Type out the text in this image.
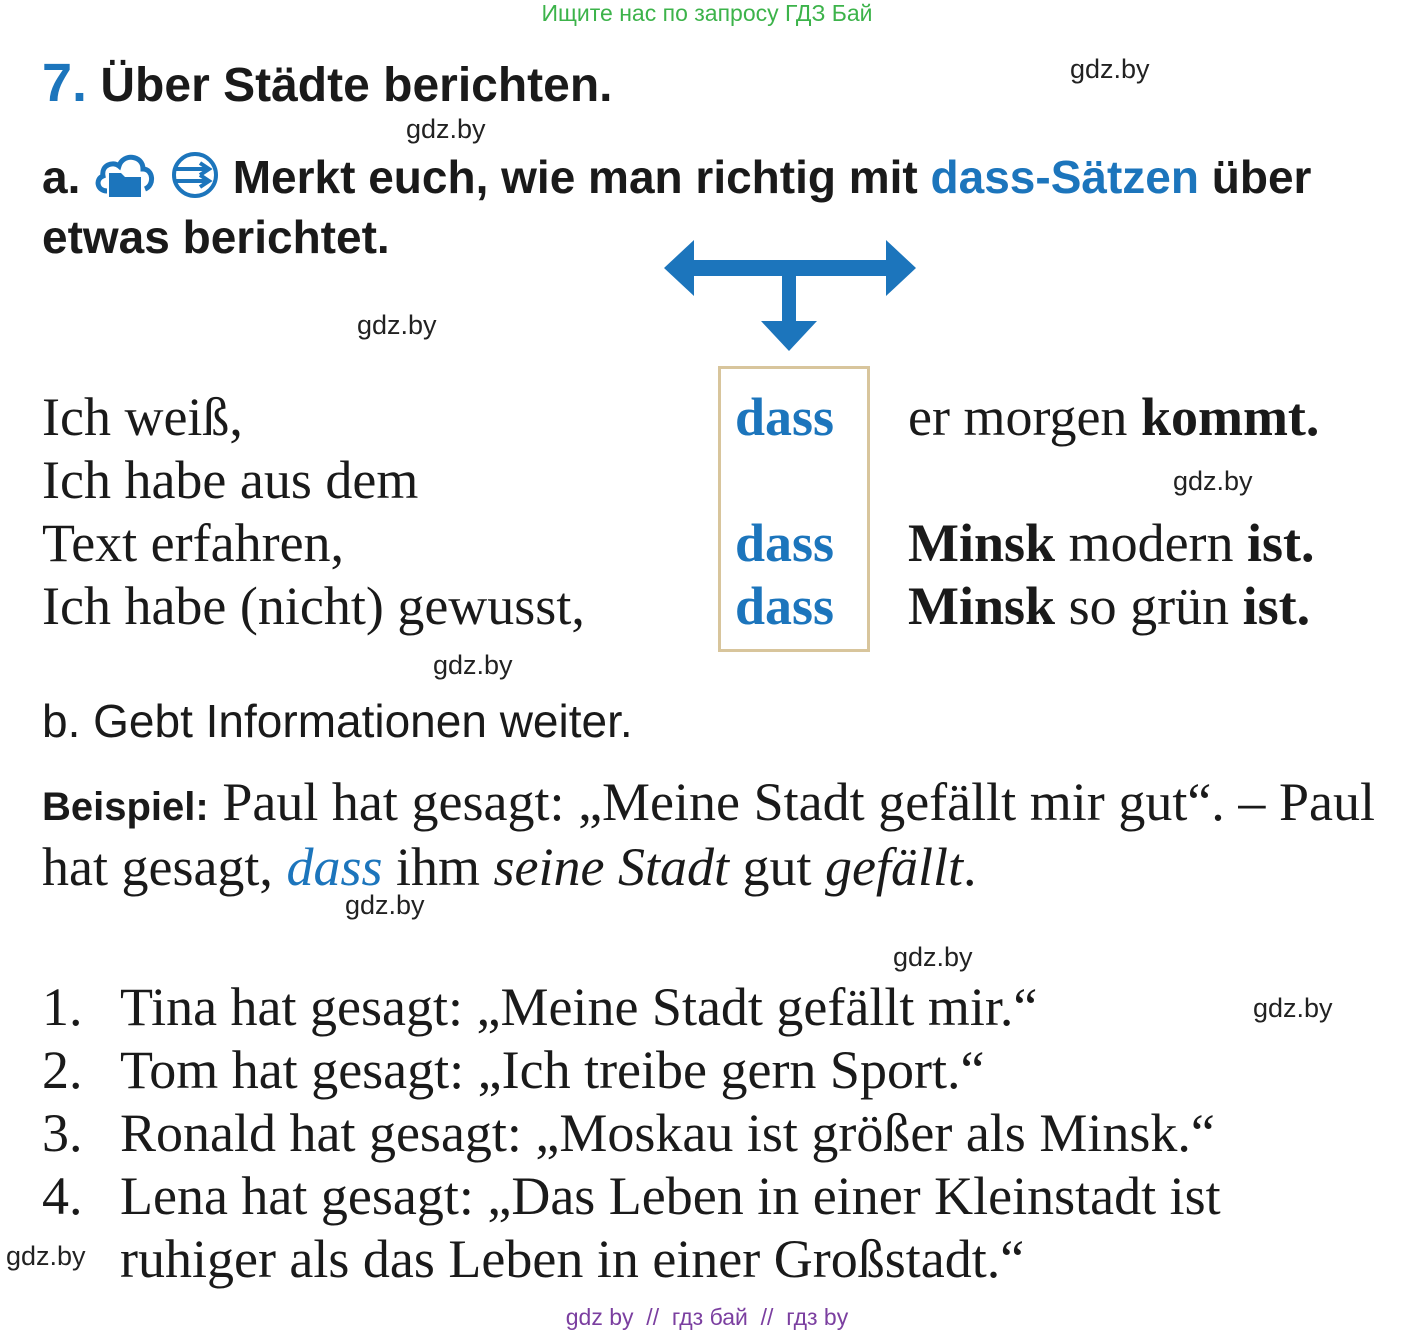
Ищите нас по запросу ГДЗ Бай
7. Über Städte berichten.	gdz.by
gdz.by
a.	Merkt euch, wie man richtig mit dass-Sätzen über
etwas berichtet.
gdz.by
Ich weiß,	dass er morgen kommt.
Ich habe aus dem	gdz.by
Text erfahren,	dass Minsk modern ist.
Ich habe (nicht) gewusst,	dass Minsk so grün ist.
gdz.by
b. Gebt Informationen weiter.
Beispiel: Paul hat gesagt: „Meine Stadt gefällt mir gut“. – Paul hat gesagt, dass ihm seine Stadt gut gefällt.
gdz.by
gdz.by
1. Tina hat gesagt: „Meine Stadt gefällt mir.“	gdz.by
2. Tom hat gesagt: „Ich treibe gern Sport.“
3. Ronald hat gesagt: „Moskau ist größer als Minsk.“
4. Lena hat gesagt: „Das Leben in einer Kleinstadt ist
ruhiger als das Leben in einer Großstadt.“
gdz.by
gdz by  //  гдз бай  //  гдз by
